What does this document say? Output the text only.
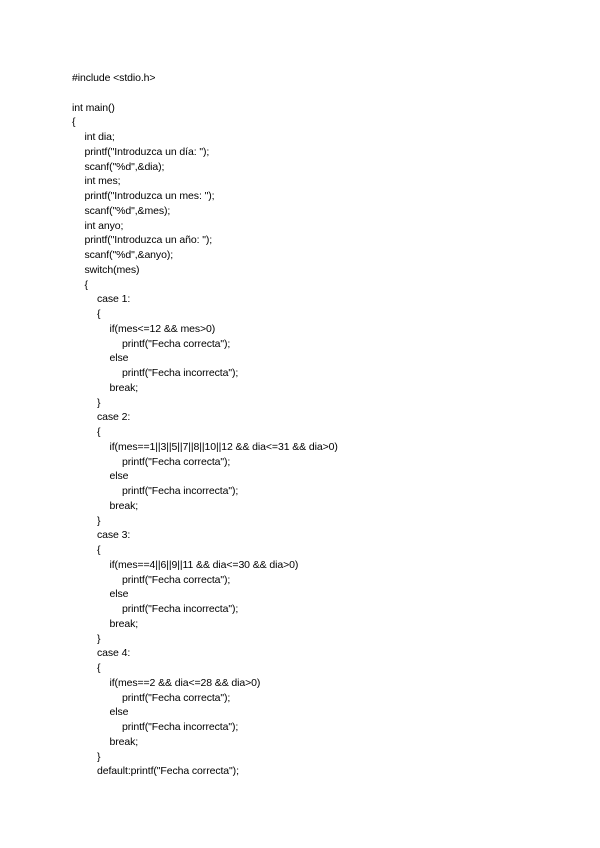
#include <stdio.h>
int main()
{
int dia;
printf("Introduzca un día: ");
scanf("%d",&dia);
int mes;
printf("Introduzca un mes: ");
scanf("%d",&mes);
int anyo;
printf("Introduzca un año: ");
scanf("%d",&anyo);
switch(mes)
{
case 1:
{
if(mes<=12 && mes>0)
printf("Fecha correcta");
else
printf("Fecha incorrecta");
break;
}
case 2:
{
if(mes==1||3||5||7||8||10||12 && dia<=31 && dia>0)
printf("Fecha correcta");
else
printf("Fecha incorrecta");
break;
}
case 3:
{
if(mes==4||6||9||11 && dia<=30 && dia>0)
printf("Fecha correcta");
else
printf("Fecha incorrecta");
break;
}
case 4:
{
if(mes==2 && dia<=28 && dia>0)
printf("Fecha correcta");
else
printf("Fecha incorrecta");
break;
}
default:printf("Fecha correcta");
